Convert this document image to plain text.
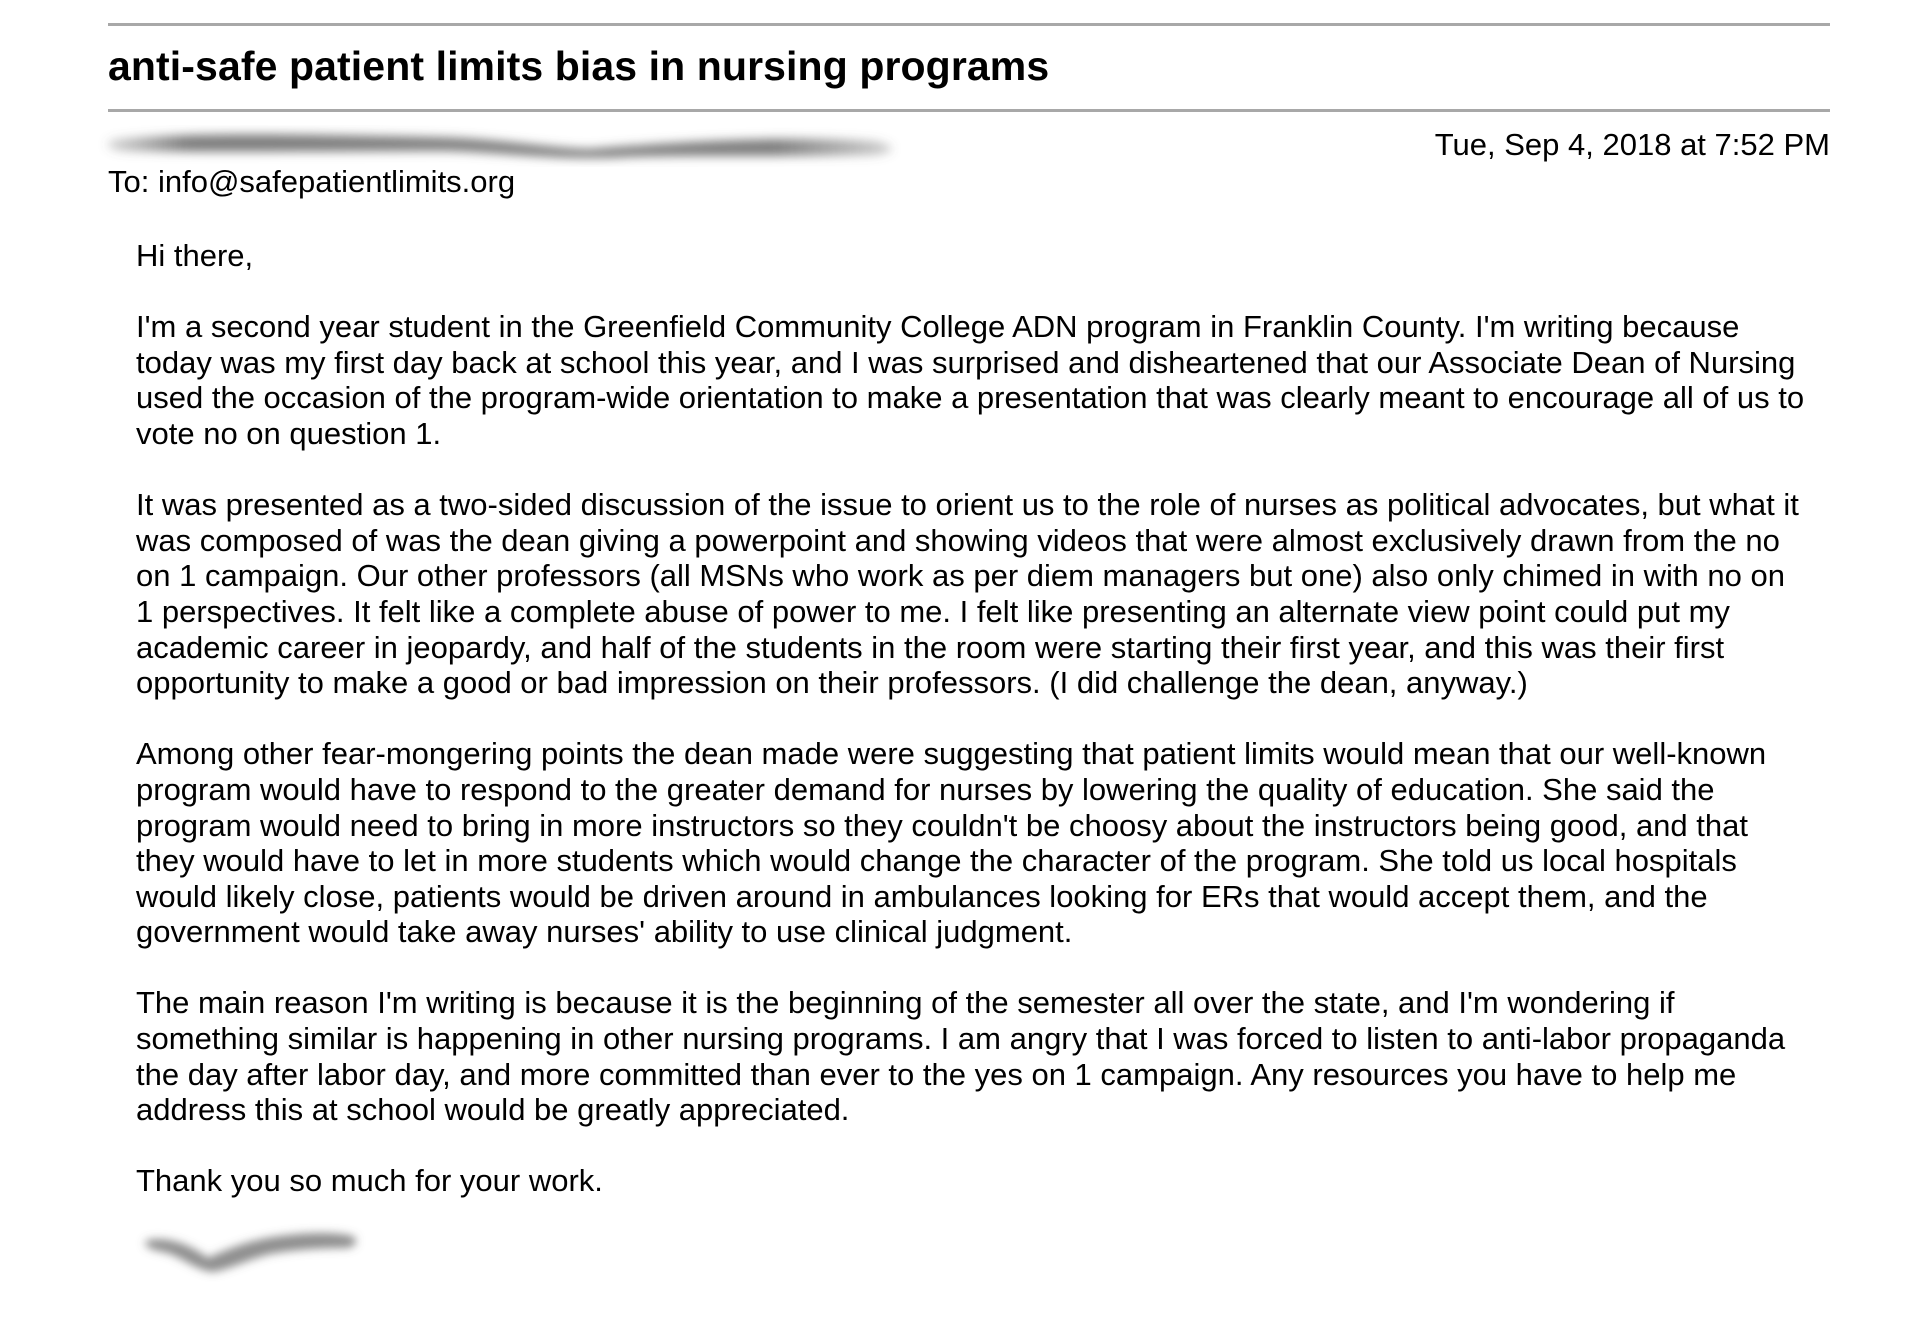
anti-safe patient limits bias in nursing programs
Tue, Sep 4, 2018 at 7:52 PM
To: info@safepatientlimits.org

Hi there,

I'm a second year student in the Greenfield Community College ADN program in Franklin County. I'm writing because
today was my first day back at school this year, and I was surprised and disheartened that our Associate Dean of Nursing
used the occasion of the program-wide orientation to make a presentation that was clearly meant to encourage all of us to
vote no on question 1.

It was presented as a two-sided discussion of the issue to orient us to the role of nurses as political advocates, but what it
was composed of was the dean giving a powerpoint and showing videos that were almost exclusively drawn from the no
on 1 campaign. Our other professors (all MSNs who work as per diem managers but one) also only chimed in with no on
1 perspectives. It felt like a complete abuse of power to me. I felt like presenting an alternate view point could put my
academic career in jeopardy, and half of the students in the room were starting their first year, and this was their first
opportunity to make a good or bad impression on their professors. (I did challenge the dean, anyway.)

Among other fear-mongering points the dean made were suggesting that patient limits would mean that our well-known
program would have to respond to the greater demand for nurses by lowering the quality of education. She said the
program would need to bring in more instructors so they couldn't be choosy about the instructors being good, and that
they would have to let in more students which would change the character of the program. She told us local hospitals
would likely close, patients would be driven around in ambulances looking for ERs that would accept them, and the
government would take away nurses' ability to use clinical judgment.

The main reason I'm writing is because it is the beginning of the semester all over the state, and I'm wondering if
something similar is happening in other nursing programs. I am angry that I was forced to listen to anti-labor propaganda
the day after labor day, and more committed than ever to the yes on 1 campaign. Any resources you have to help me
address this at school would be greatly appreciated.

Thank you so much for your work.
